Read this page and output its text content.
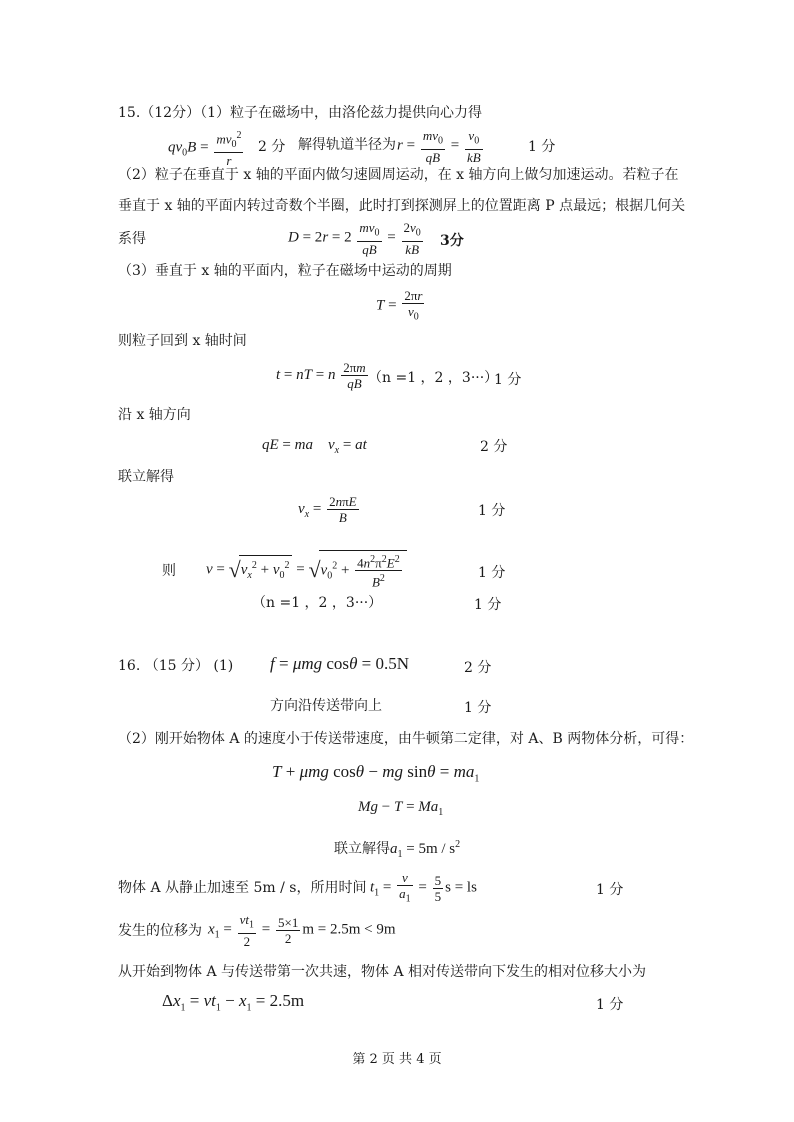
15.（12分）（1）粒子在磁场中，由洛伦兹力提供向心力得
$qv_0B = \frac{mv_0^2}{r} 2$ 分 解得轨道半径为 $r = \frac{mv_0}{qB} = \frac{v_0}{kB}$	1 分
（2）粒子在垂直于 x 轴的平面内做匀速圆周运动，在 x 轴方向上做匀加速运动。若粒子在
垂直于 x 轴的平面内转过奇数个半圈，此时打到探测屏上的位置距离 P 点最远；根据几何关
系得	$D = 2r = 2 \frac{mv_0}{qB} = \frac{2v_0}{kB} 3$分
（3）垂直于 x 轴的平面内，粒子在磁场中运动的周期
$T = \frac{2\pi r}{v_0}$
则粒子回到 x 轴时间
t = nT = n $\frac{2\pi m}{qB} (n =1$ ，2 ，3···）
1 分
沿 x 轴方向
qE = ma $v_x$ = at	2 分
联立解得
$v_x = \frac{\text{2nπE}}{B}$	1 分
则 $v = √v_x^2 + v_0^2 = √v_0^2 + \frac{4n^2\pi^2E^2}{B^2}$	1 分
（n =1 ，2 ，3···）	1 分
16. （15 分） (1) f = μmg cosθ = 0.5N	2 分
方向沿传送带向上	1 分
（2）刚开始物体 A 的速度小于传送带速度，由牛顿第二定律，对 A、B 两物体分析，可得：
T + μmg cosθ − mg $\sin\theta = ma_1$
$Mg - T = Ma_1$
联立解得$a_1 = 5m / s^2$
物体 A 从静止加速至 5m / s，所用时间 $t_1 = \frac{v}{a_1} = \frac{5}{5}$ s = ls	1 分
发生的位移为 $x_1 = \frac{vt_1}{2} = \frac{5\times 1}{2}$ m = 2.5m < 9m
从开始到物体 A 与传送带第一次共速，物体 A 相对传送带向下发生的相对位移大小为
$\Delta x_1 = vt_1 - x_1 = 2.5m$	1 分
第 2 页 共 4 页
